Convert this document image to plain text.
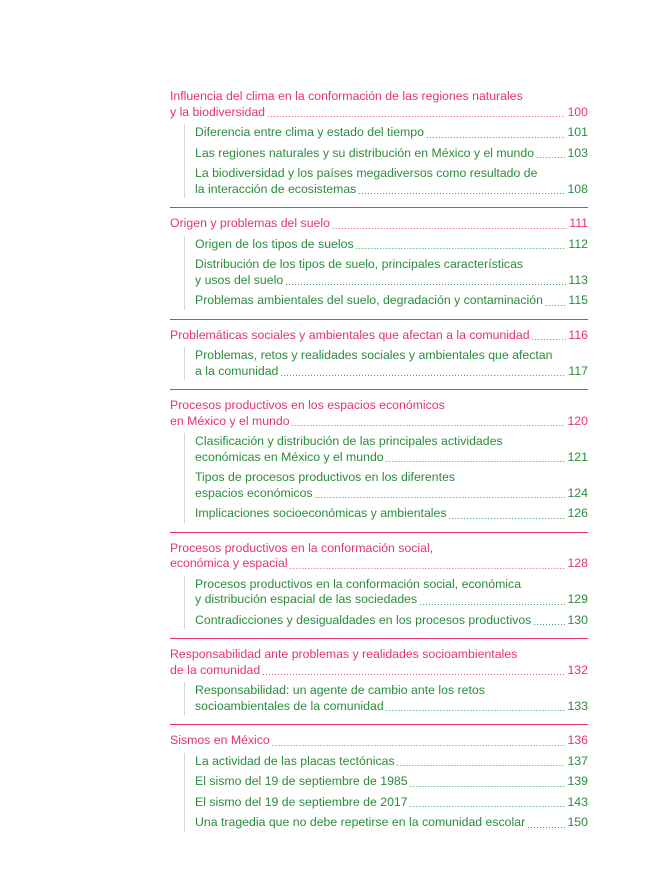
Influencia del clima en la conformación de las regiones naturales
y la biodiversidad .....	100
Diferencia entre clima y estado del tiempo .....	101
Las regiones naturales y su distribución en México y el mundo .....	103
La biodiversidad y los países megadiversos como resultado de
la interacción de ecosistemas .....	108
Origen y problemas del suelo .....	111
Origen de los tipos de suelos .....	112
Distribución de los tipos de suelo, principales características
y usos del suelo .....	113
Problemas ambientales del suelo, degradación y contaminación ..... 115
Problemáticas sociales y ambientales que afectan a la comunidad .....	116
Problemas, retos y realidades sociales y ambientales que afectan
a la comunidad .....	117
Procesos productivos en los espacios económicos
en México y el mundo .....	120
Clasificación y distribución de las principales actividades
económicas en México y el mundo .....	121
Tipos de procesos productivos en los diferentes
espacios económicos .....	124
Implicaciones socioeconómicas y ambientales .....	126
Procesos productivos en la conformación social,
económica y espacial .....	128
Procesos productivos en la conformación social, económica
y distribución espacial de las sociedades .....	129
Contradicciones y desigualdades en los procesos productivos .....	130
Responsabilidad ante problemas y realidades socioambientales
de la comunidad .....	132
Responsabilidad: un agente de cambio ante los retos
socioambientales de la comunidad .....	133
Sismos en México .....	136
La actividad de las placas tectónicas .....	137
El sismo del 19 de septiembre de 1985 .....	139
El sismo del 19 de septiembre de 2017 .....	143
Una tragedia que no debe repetirse en la comunidad escolar .....	150
